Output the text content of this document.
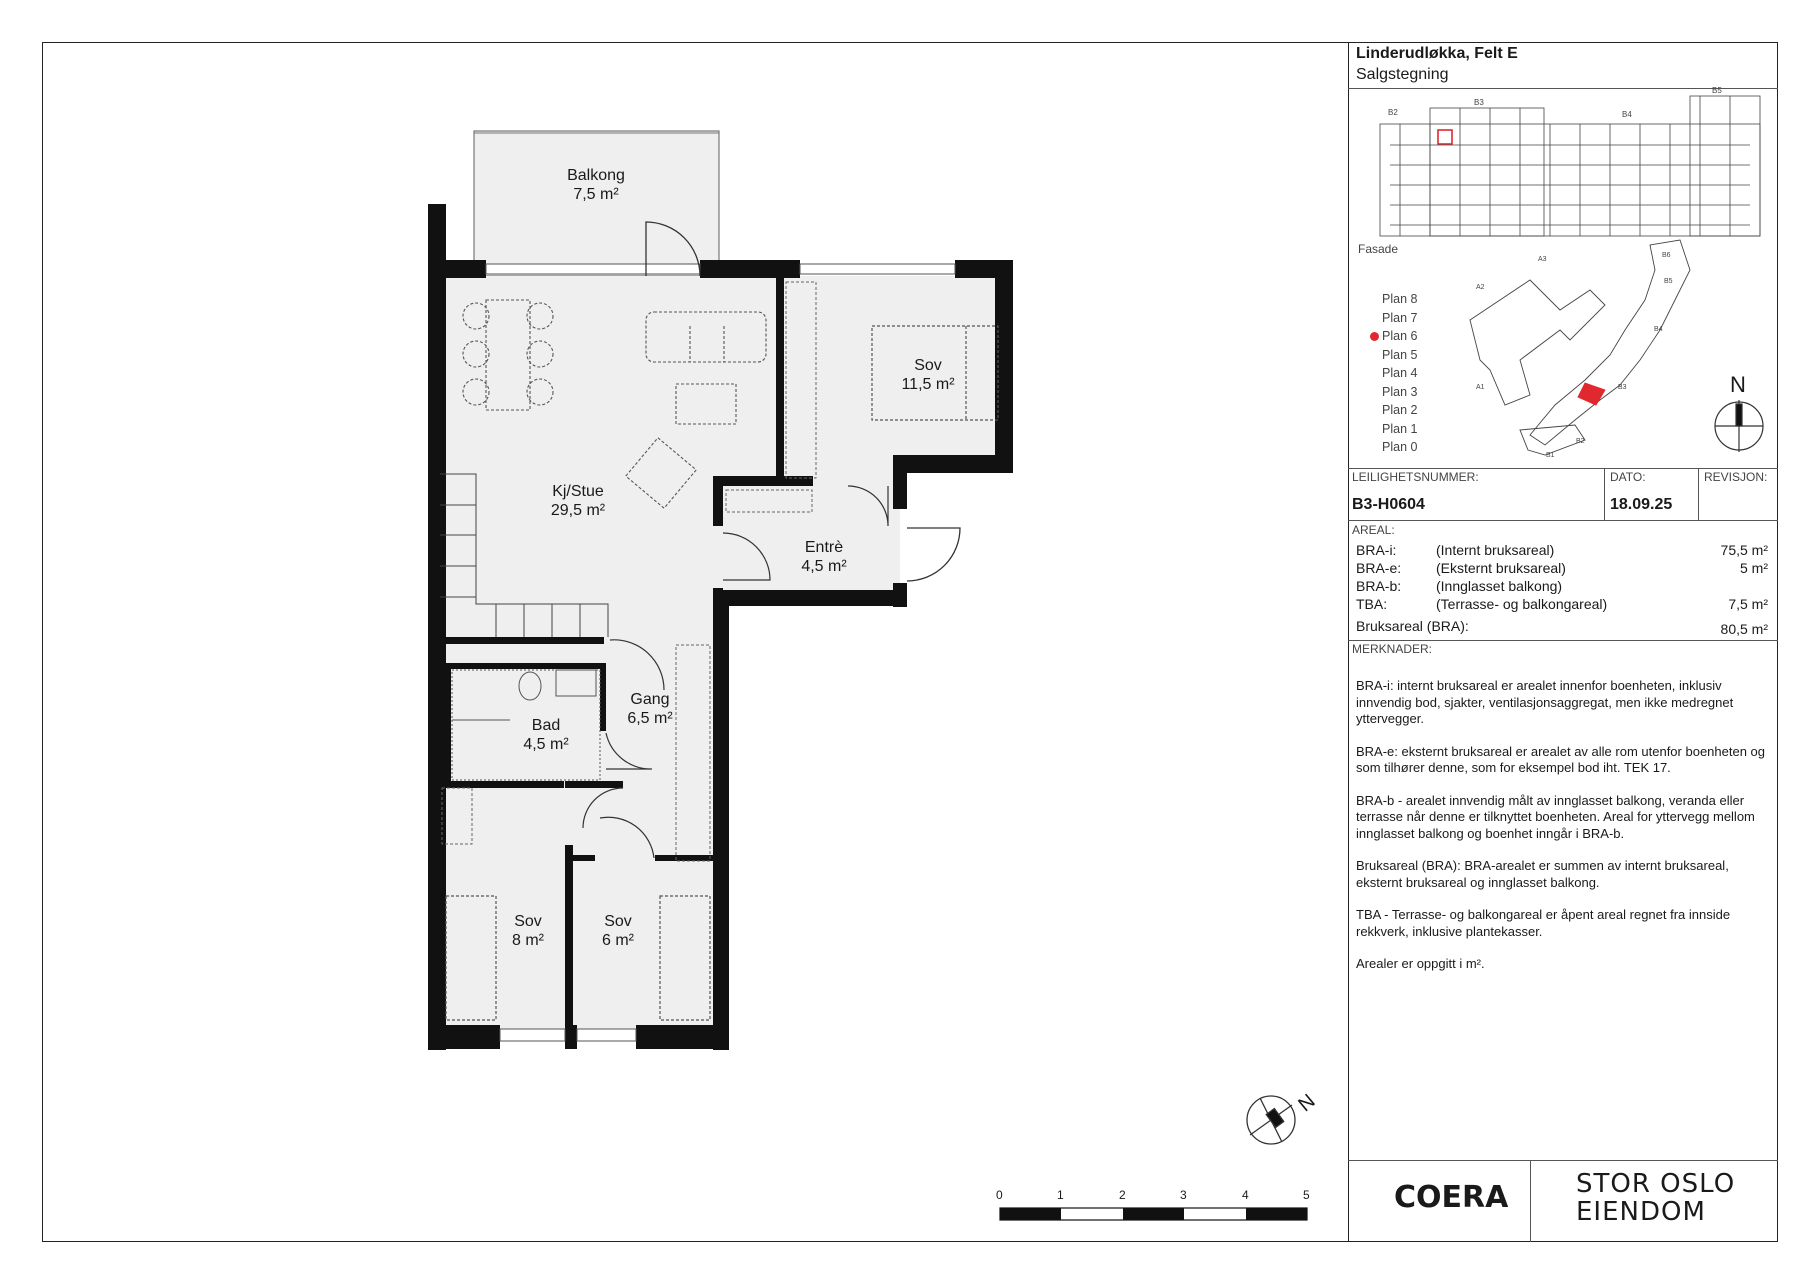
Linderudløkka, Felt E
Salgstegning
Fasade
B2
B3
B4
B5
A1
A2
A3
B1
B2
B3
B4
B5
B6
Plan 8
Plan 7
Plan 6
Plan 5
Plan 4
Plan 3
Plan 2
Plan 1
Plan 0
N
LEILIGHETSNUMMER:	DATO:	REVISJON:
B3-H0604	18.09.25
AREAL:
BRA-i:	(Internt bruksareal)	75,5 m²
BRA-e: (Eksternt bruksareal)	5 m²
BRA-b: (Innglasset balkong)
TBA:	(Terrasse- og balkongareal)	7,5 m²
Bruksareal (BRA):	80,5 m²
MERKNADER:

BRA-i: internt bruksareal er arealet innenfor boenheten, inklusiv innvendig bod, sjakter, ventilasjonsaggregat, men ikke medregnet yttervegger.

BRA-e: eksternt bruksareal er arealet av alle rom utenfor boenheten og som tilhører denne, som for eksempel bod iht. TEK 17.

BRA-b - arealet innvendig målt av innglasset balkong, veranda eller terrasse når denne er tilknyttet boenheten. Areal for yttervegg mellom innglasset balkong og boenhet inngår i BRA-b.

Bruksareal (BRA): BRA-arealet er summen av internt bruksareal, eksternt bruksareal og innglasset balkong.

TBA - Terrasse- og balkongareal er åpent areal regnet fra innside rekkverk, inklusive plantekasser.

Arealer er oppgitt i m².

COERA	STOR OSLO
EIENDOM
Balkong
7,5 m²
Kj/Stue
29,5 m²
Sov
11,5 m²
Entrè
4,5 m²
Gang
6,5 m²
Bad
4,5 m²
Sov
8 m²
Sov
6 m²
N
0	1	2	3	4	5
